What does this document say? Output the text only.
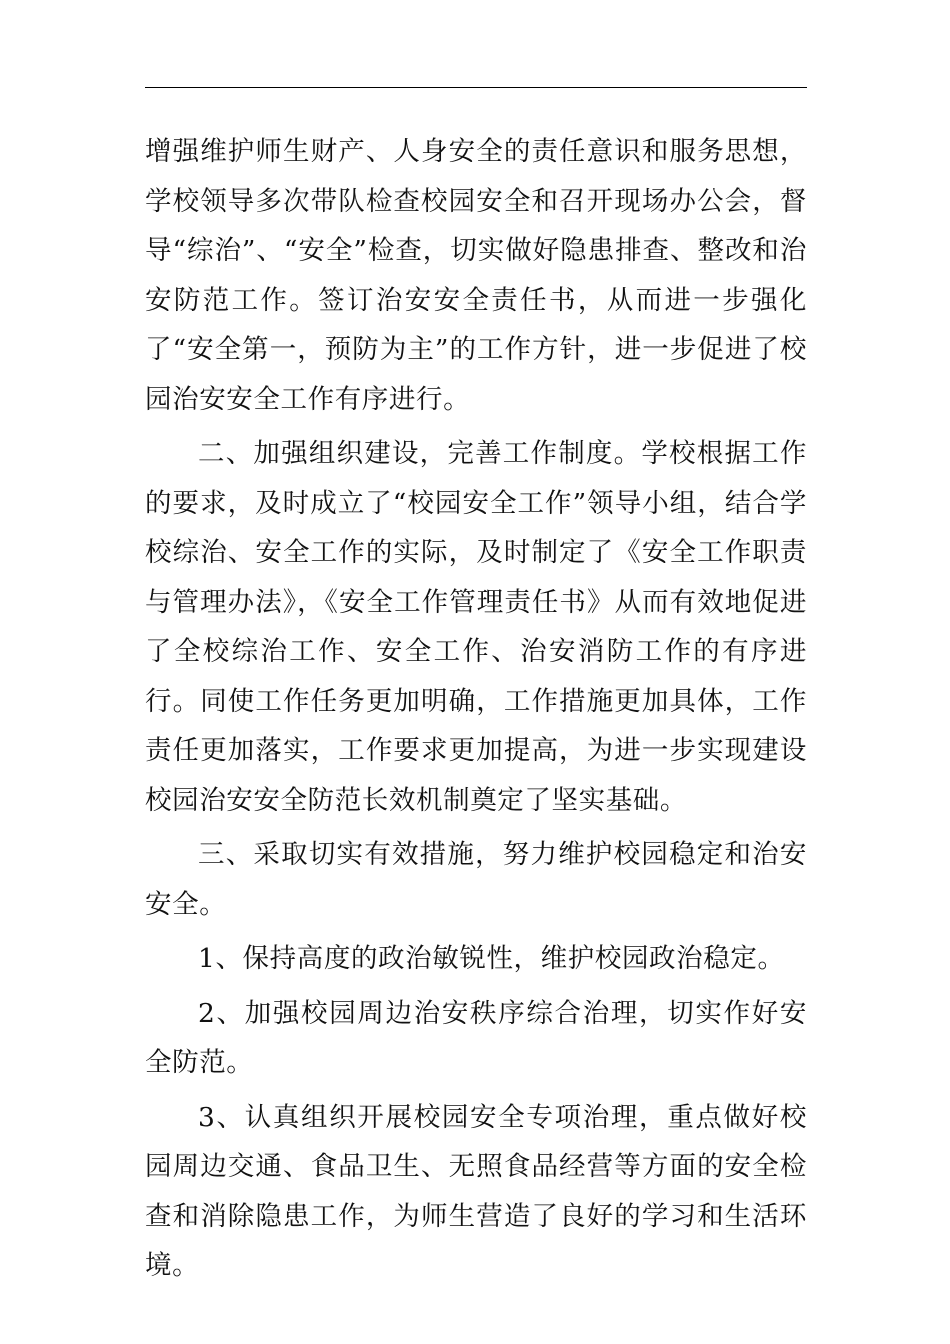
增强维护师生财产、人身安全的责任意识和服务思想，学校领导多次带队检查校园安全和召开现场办公会，督导“综治”、“安全”检查，切实做好隐患排查、整改和治安防范工作。签订治安安全责任书，从而进一步强化了“安全第一，预防为主”的工作方针，进一步促进了校园治安安全工作有序进行。

二、加强组织建设，完善工作制度。学校根据工作的要求，及时成立了“校园安全工作”领导小组，结合学校综治、安全工作的实际，及时制定了《安全工作职责与管理办法》，《安全工作管理责任书》从而有效地促进了全校综治工作、安全工作、治安消防工作的有序进行。同使工作任务更加明确，工作措施更加具体，工作责任更加落实，工作要求更加提高，为进一步实现建设校园治安安全防范长效机制奠定了坚实基础。

三、采取切实有效措施，努力维护校园稳定和治安安全。

1、保持高度的政治敏锐性，维护校园政治稳定。

2、加强校园周边治安秩序综合治理，切实作好安全防范。

3、认真组织开展校园安全专项治理，重点做好校园周边交通、食品卫生、无照食品经营等方面的安全检查和消除隐患工作，为师生营造了良好的学习和生活环境。
